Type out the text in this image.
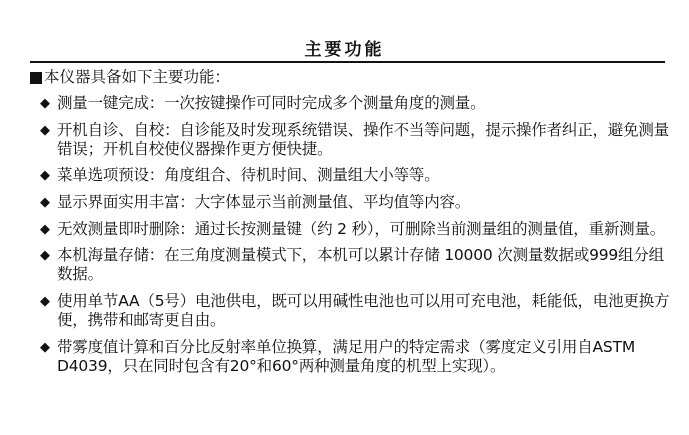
主要功能
本仪器具备如下主要功能：
◆ 测量一键完成：一次按键操作可同时完成多个测量角度的测量。
◆ 开机自诊、自校：自诊能及时发现系统错误、操作不当等问题，提示操作者纠正，避免测量错误；开机自校使仪器操作更方便快捷。
◆ 菜单选项预设：角度组合、待机时间、测量组大小等等。
◆ 显示界面实用丰富：大字体显示当前测量值、平均值等内容。
◆ 无效测量即时删除：通过长按测量键（约 2 秒），可删除当前测量组的测量值，重新测量。
◆ 本机海量存储：在三角度测量模式下，本机可以累计存储 10000 次测量数据或999组分组数据。
◆ 使用单节AA（5号）电池供电，既可以用碱性电池也可以用可充电池，耗能低，电池更换方便，携带和邮寄更自由。
◆ 带雾度值计算和百分比反射率单位换算，满足用户的特定需求（雾度定义引用自ASTM D4039，只在同时包含有20°和60°两种测量角度的机型上实现）。
